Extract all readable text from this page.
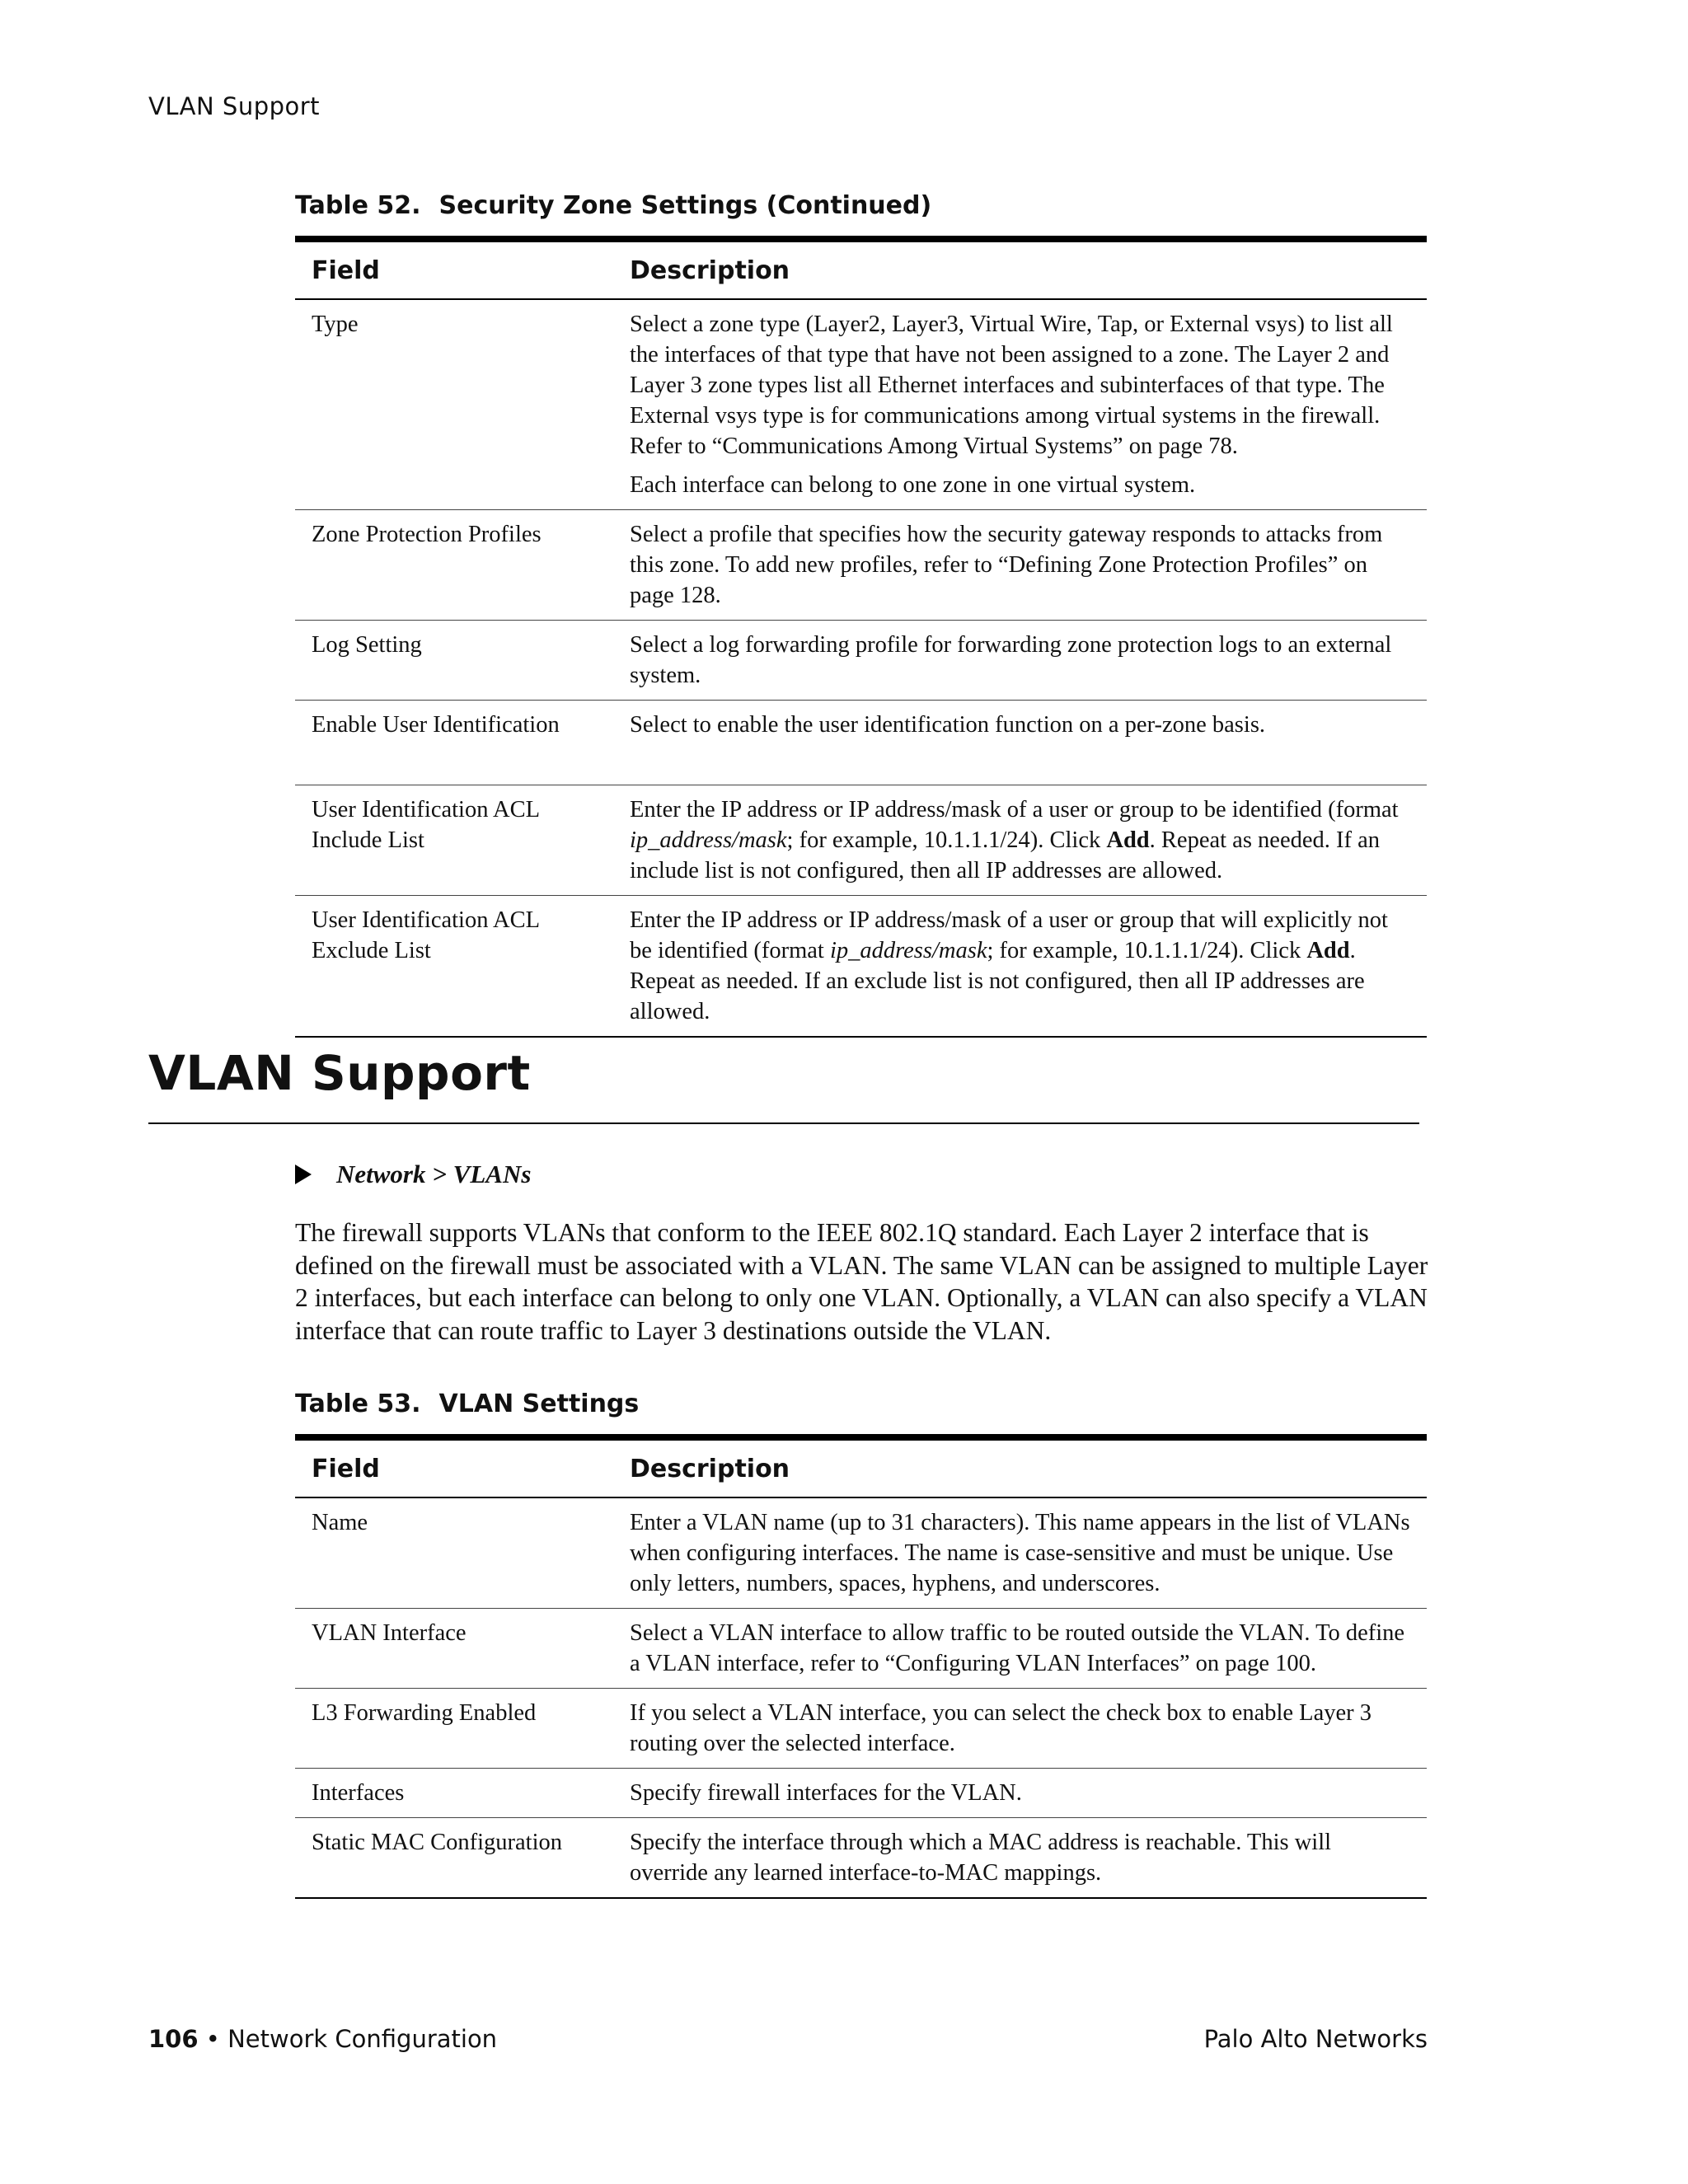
VLAN Support
Table 52. Security Zone Settings (Continued)
Field	Description
Type	Select a zone type (Layer2, Layer3, Virtual Wire, Tap, or External vsys) to list all the interfaces of that type that have not been assigned to a zone. The Layer 2 and Layer 3 zone types list all Ethernet interfaces and subinterfaces of that type. The External vsys type is for communications among virtual systems in the firewall. Refer to “Communications Among Virtual Systems” on page 78.

Each interface can belong to one zone in one virtual system.

Zone Protection Profiles	Select a profile that specifies how the security gateway responds to attacks from this zone. To add new profiles, refer to “Defining Zone Protection Profiles” on page 128.

Log Setting	Select a log forwarding profile for forwarding zone protection logs to an external system.

Enable User Identification	Select to enable the user identification function on a per-zone basis.

User Identification ACL Include List	Enter the IP address or IP address/mask of a user or group to be identified (format ip_address/mask; for example, 10.1.1.1/24). Click Add. Repeat as needed. If an include list is not configured, then all IP addresses are allowed.

User Identification ACL Exclude List	Enter the IP address or IP address/mask of a user or group that will explicitly not be identified (format ip_address/mask; for example, 10.1.1.1/24). Click Add. Repeat as needed. If an exclude list is not configured, then all IP addresses are allowed.

VLAN Support
Network > VLANs

The firewall supports VLANs that conform to the IEEE 802.1Q standard. Each Layer 2 interface that is defined on the firewall must be associated with a VLAN. The same VLAN can be assigned to multiple Layer 2 interfaces, but each interface can belong to only one VLAN. Optionally, a VLAN can also specify a VLAN interface that can route traffic to Layer 3 destinations outside the VLAN.

Table 53. VLAN Settings
Field	Description
Name	Enter a VLAN name (up to 31 characters). This name appears in the list of VLANs when configuring interfaces. The name is case-sensitive and must be unique. Use only letters, numbers, spaces, hyphens, and underscores.
VLAN Interface	Select a VLAN interface to allow traffic to be routed outside the VLAN. To define a VLAN interface, refer to “Configuring VLAN Interfaces” on page 100.
L3 Forwarding Enabled	If you select a VLAN interface, you can select the check box to enable Layer 3 routing over the selected interface.
Interfaces	Specify firewall interfaces for the VLAN.
Static MAC Configuration	Specify the interface through which a MAC address is reachable. This will override any learned interface-to-MAC mappings.
106 • Network Configuration	Palo Alto Networks
